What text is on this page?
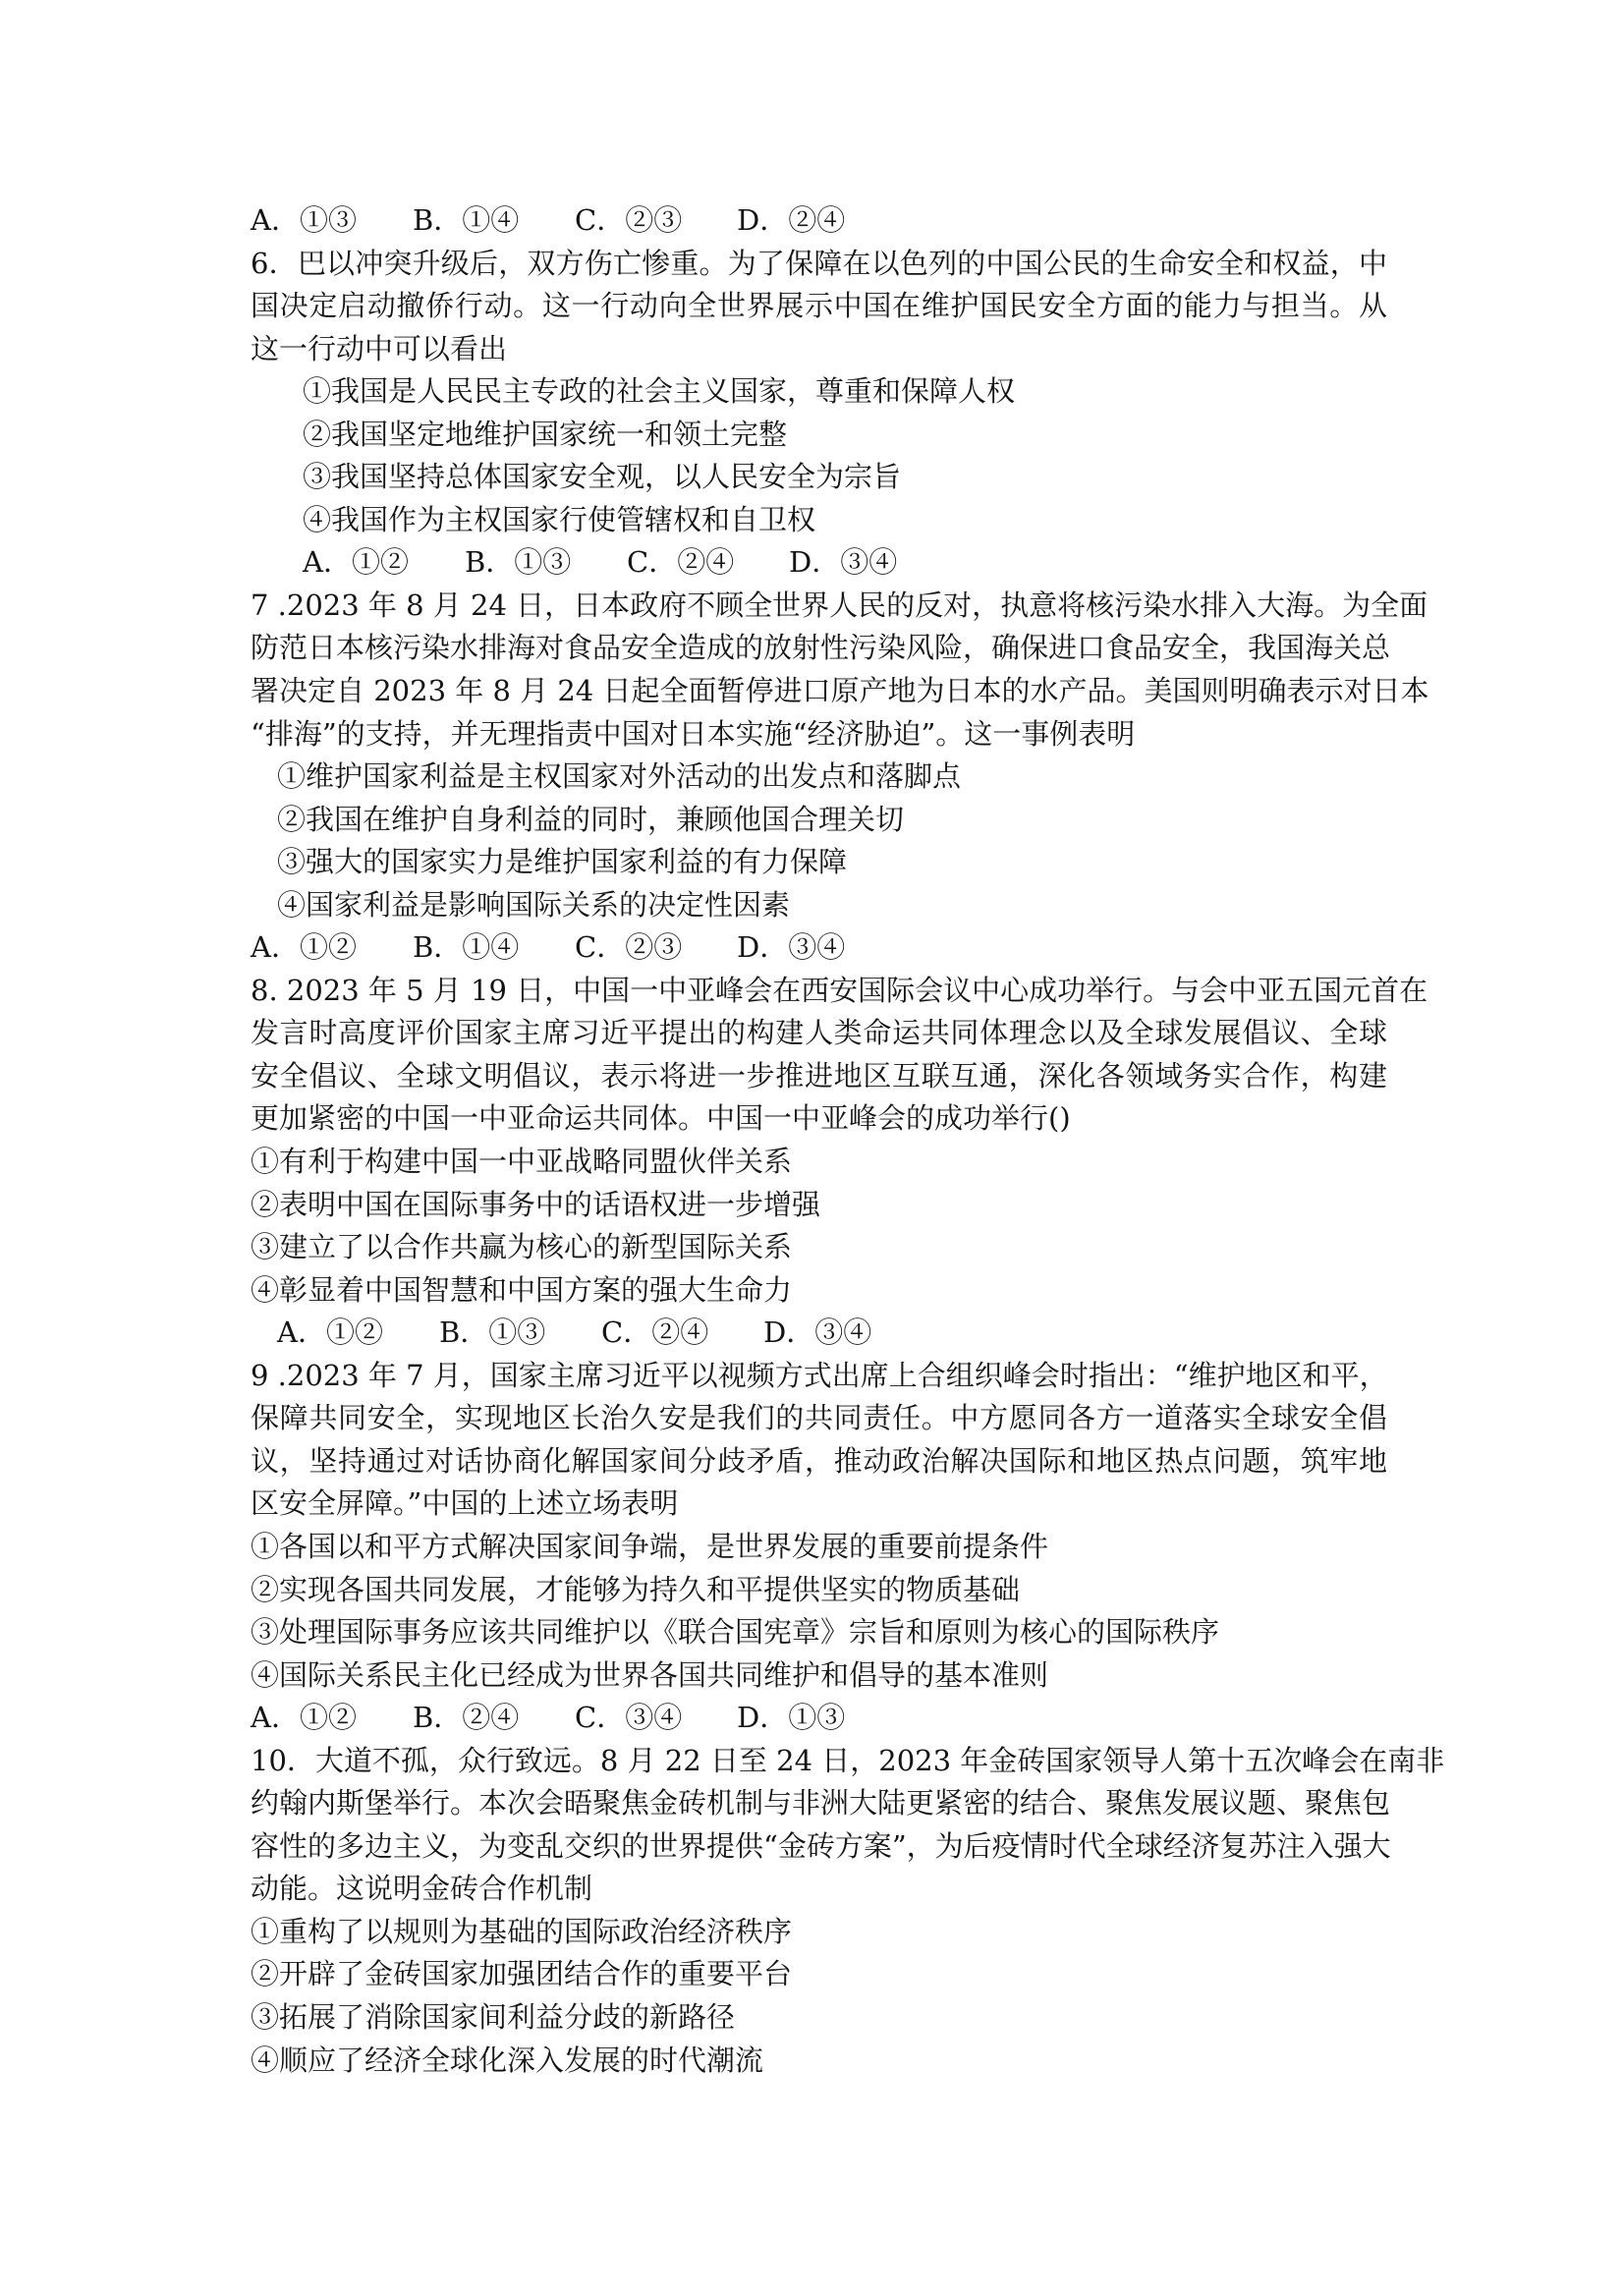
A．①③ B．①④ C．②③ D．②④
6．巴以冲突升级后，双方伤亡惨重。为了保障在以色列的中国公民的生命安全和权益，中
国决定启动撤侨行动。这一行动向全世界展示中国在维护国民安全方面的能力与担当。从
这一行动中可以看出
①我国是人民民主专政的社会主义国家，尊重和保障人权
②我国坚定地维护国家统一和领土完整
③我国坚持总体国家安全观，以人民安全为宗旨
④我国作为主权国家行使管辖权和自卫权
A．①② B．①③ C．②④ D．③④
7 .2023 年 8 月 24 日，日本政府不顾全世界人民的反对，执意将核污染水排入大海。为全面
防范日本核污染水排海对食品安全造成的放射性污染风险，确保进口食品安全，我国海关总
署决定自 2023 年 8 月 24 日起全面暂停进口原产地为日本的水产品。美国则明确表示对日本
“排海”的支持，并无理指责中国对日本实施“经济胁迫”。这一事例表明
①维护国家利益是主权国家对外活动的出发点和落脚点
②我国在维护自身利益的同时，兼顾他国合理关切
③强大的国家实力是维护国家利益的有力保障
④国家利益是影响国际关系的决定性因素
A．①② B．①④ C．②③ D．③④
8. 2023 年 5 月 19 日，中国一中亚峰会在西安国际会议中心成功举行。与会中亚五国元首在
发言时高度评价国家主席习近平提出的构建人类命运共同体理念以及全球发展倡议、全球
安全倡议、全球文明倡议，表示将进一步推进地区互联互通，深化各领域务实合作，构建
更加紧密的中国一中亚命运共同体。中国一中亚峰会的成功举行()
①有利于构建中国一中亚战略同盟伙伴关系
②表明中国在国际事务中的话语权进一步增强
③建立了以合作共赢为核心的新型国际关系
④彰显着中国智慧和中国方案的强大生命力
A．①② B．①③ C．②④ D．③④
9 .2023 年 7 月，国家主席习近平以视频方式出席上合组织峰会时指出：“维护地区和平，
保障共同安全，实现地区长治久安是我们的共同责任。中方愿同各方一道落实全球安全倡
议，坚持通过对话协商化解国家间分歧矛盾，推动政治解决国际和地区热点问题，筑牢地
区安全屏障。”中国的上述立场表明
①各国以和平方式解决国家间争端，是世界发展的重要前提条件
②实现各国共同发展，才能够为持久和平提供坚实的物质基础
③处理国际事务应该共同维护以《联合国宪章》宗旨和原则为核心的国际秩序
④国际关系民主化已经成为世界各国共同维护和倡导的基本准则
A．①② B．②④ C．③④ D．①③
10．大道不孤，众行致远。8 月 22 日至 24 日，2023 年金砖国家领导人第十五次峰会在南非
约翰内斯堡举行。本次会晤聚焦金砖机制与非洲大陆更紧密的结合、聚焦发展议题、聚焦包
容性的多边主义，为变乱交织的世界提供“金砖方案”，为后疫情时代全球经济复苏注入强大
动能。这说明金砖合作机制
①重构了以规则为基础的国际政治经济秩序
②开辟了金砖国家加强团结合作的重要平台
③拓展了消除国家间利益分歧的新路径
④顺应了经济全球化深入发展的时代潮流
